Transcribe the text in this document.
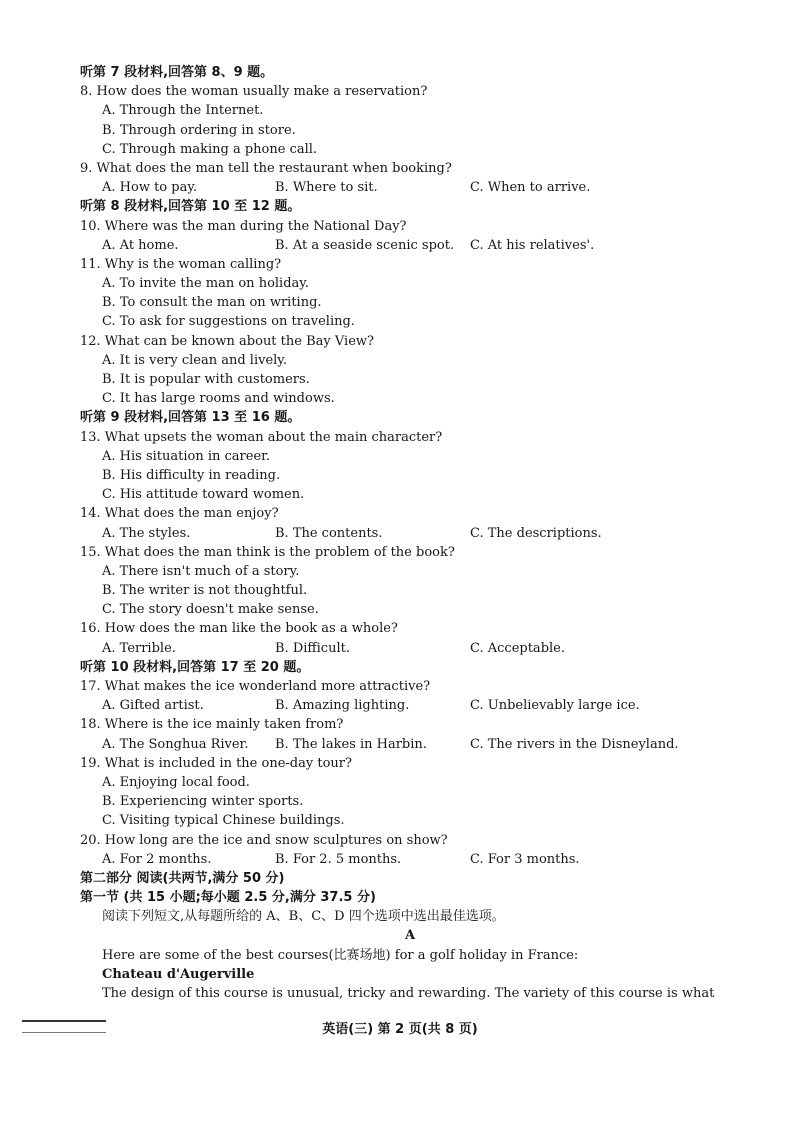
听第 7 段材料,回答第 8、9 题。
8. How does the woman usually make a reservation?
A. Through the Internet.
B. Through ordering in store.
C. Through making a phone call.
9. What does the man tell the restaurant when booking?
A. How to pay.	B. Where to sit.	C. When to arrive.
听第 8 段材料,回答第 10 至 12 题。
10. Where was the man during the National Day?
A. At home.	B. At a seaside scenic spot. C. At his relatives'.
11. Why is the woman calling?
A. To invite the man on holiday.
B. To consult the man on writing.
C. To ask for suggestions on traveling.
12. What can be known about the Bay View?
A. It is very clean and lively.
B. It is popular with customers.
C. It has large rooms and windows.
听第 9 段材料,回答第 13 至 16 题。
13. What upsets the woman about the main character?
A. His situation in career.
B. His difficulty in reading.
C. His attitude toward women.
14. What does the man enjoy?
A. The styles.	B. The contents.	C. The descriptions.
15. What does the man think is the problem of the book?
A. There isn't much of a story.
B. The writer is not thoughtful.
C. The story doesn't make sense.
16. How does the man like the book as a whole?
A. Terrible.	B. Difficult.	C. Acceptable.
听第 10 段材料,回答第 17 至 20 题。
17. What makes the ice wonderland more attractive?
A. Gifted artist.	B. Amazing lighting.	C. Unbelievably large ice.
18. Where is the ice mainly taken from?
A. The Songhua River. B. The lakes in Harbin.	C. The rivers in the Disneyland.
19. What is included in the one-day tour?
A. Enjoying local food.
B. Experiencing winter sports.
C. Visiting typical Chinese buildings.
20. How long are the ice and snow sculptures on show?
A. For 2 months.	B. For 2. 5 months.	C. For 3 months.
第二部分 阅读(共两节,满分 50 分)
第一节 (共 15 小题;每小题 2.5 分,满分 37.5 分)
阅读下列短文,从每题所给的 A、B、C、D 四个选项中选出最佳选项。
A
Here are some of the best courses(比赛场地) for a golf holiday in France:
Chateau d'Augerville
The design of this course is unusual, tricky and rewarding. The variety of this course is what
英语(三) 第 2 页(共 8 页)
